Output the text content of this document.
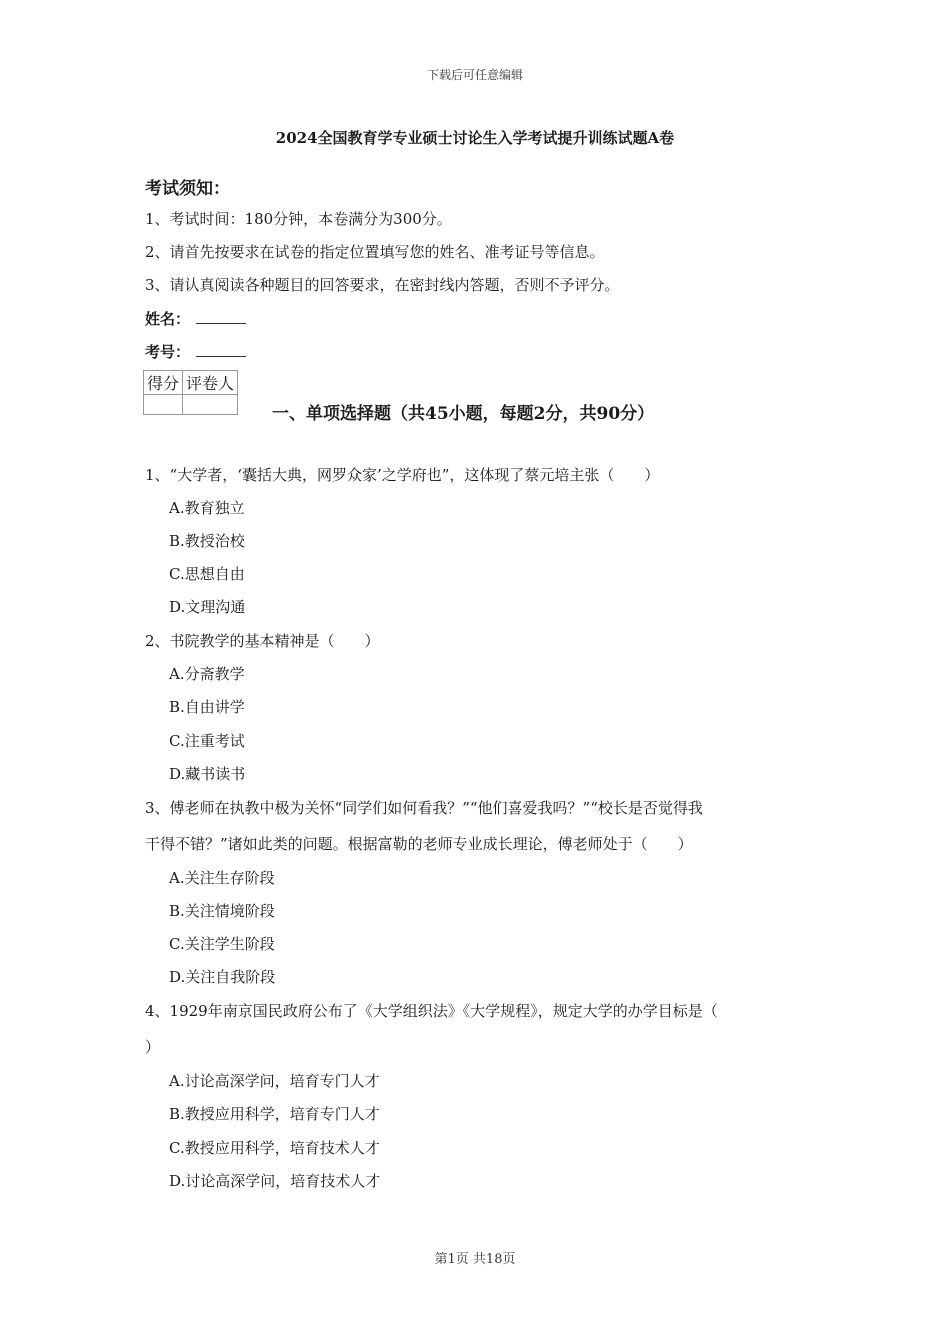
下载后可任意编辑
2024全国教育学专业硕士讨论生入学考试提升训练试题A卷
考试须知：
1、考试时间：180分钟，本卷满分为300分。
2、请首先按要求在试卷的指定位置填写您的姓名、准考证号等信息。
3、请认真阅读各种题目的回答要求，在密封线内答题，否则不予评分。
姓名：
考号：
得分	评卷人

一、单项选择题（共45小题，每题2分，共90分）
1、“大学者，‘囊括大典，网罗众家’之学府也”，这体现了蔡元培主张（　　）
A.教育独立
B.教授治校
C.思想自由
D.文理沟通
2、书院教学的基本精神是（　　）
A.分斋教学
B.自由讲学
C.注重考试
D.藏书读书
3、傅老师在执教中极为关怀“同学们如何看我？”“他们喜爱我吗？”“校长是否觉得我
干得不错？”诸如此类的问题。根据富勒的老师专业成长理论，傅老师处于（　　）
A.关注生存阶段
B.关注情境阶段
C.关注学生阶段
D.关注自我阶段
4、1929年南京国民政府公布了《大学组织法》《大学规程》，规定大学的办学目标是（
）
A.讨论高深学问，培育专门人才
B.教授应用科学，培育专门人才
C.教授应用科学，培育技术人才
D.讨论高深学问，培育技术人才
第1页 共18页
